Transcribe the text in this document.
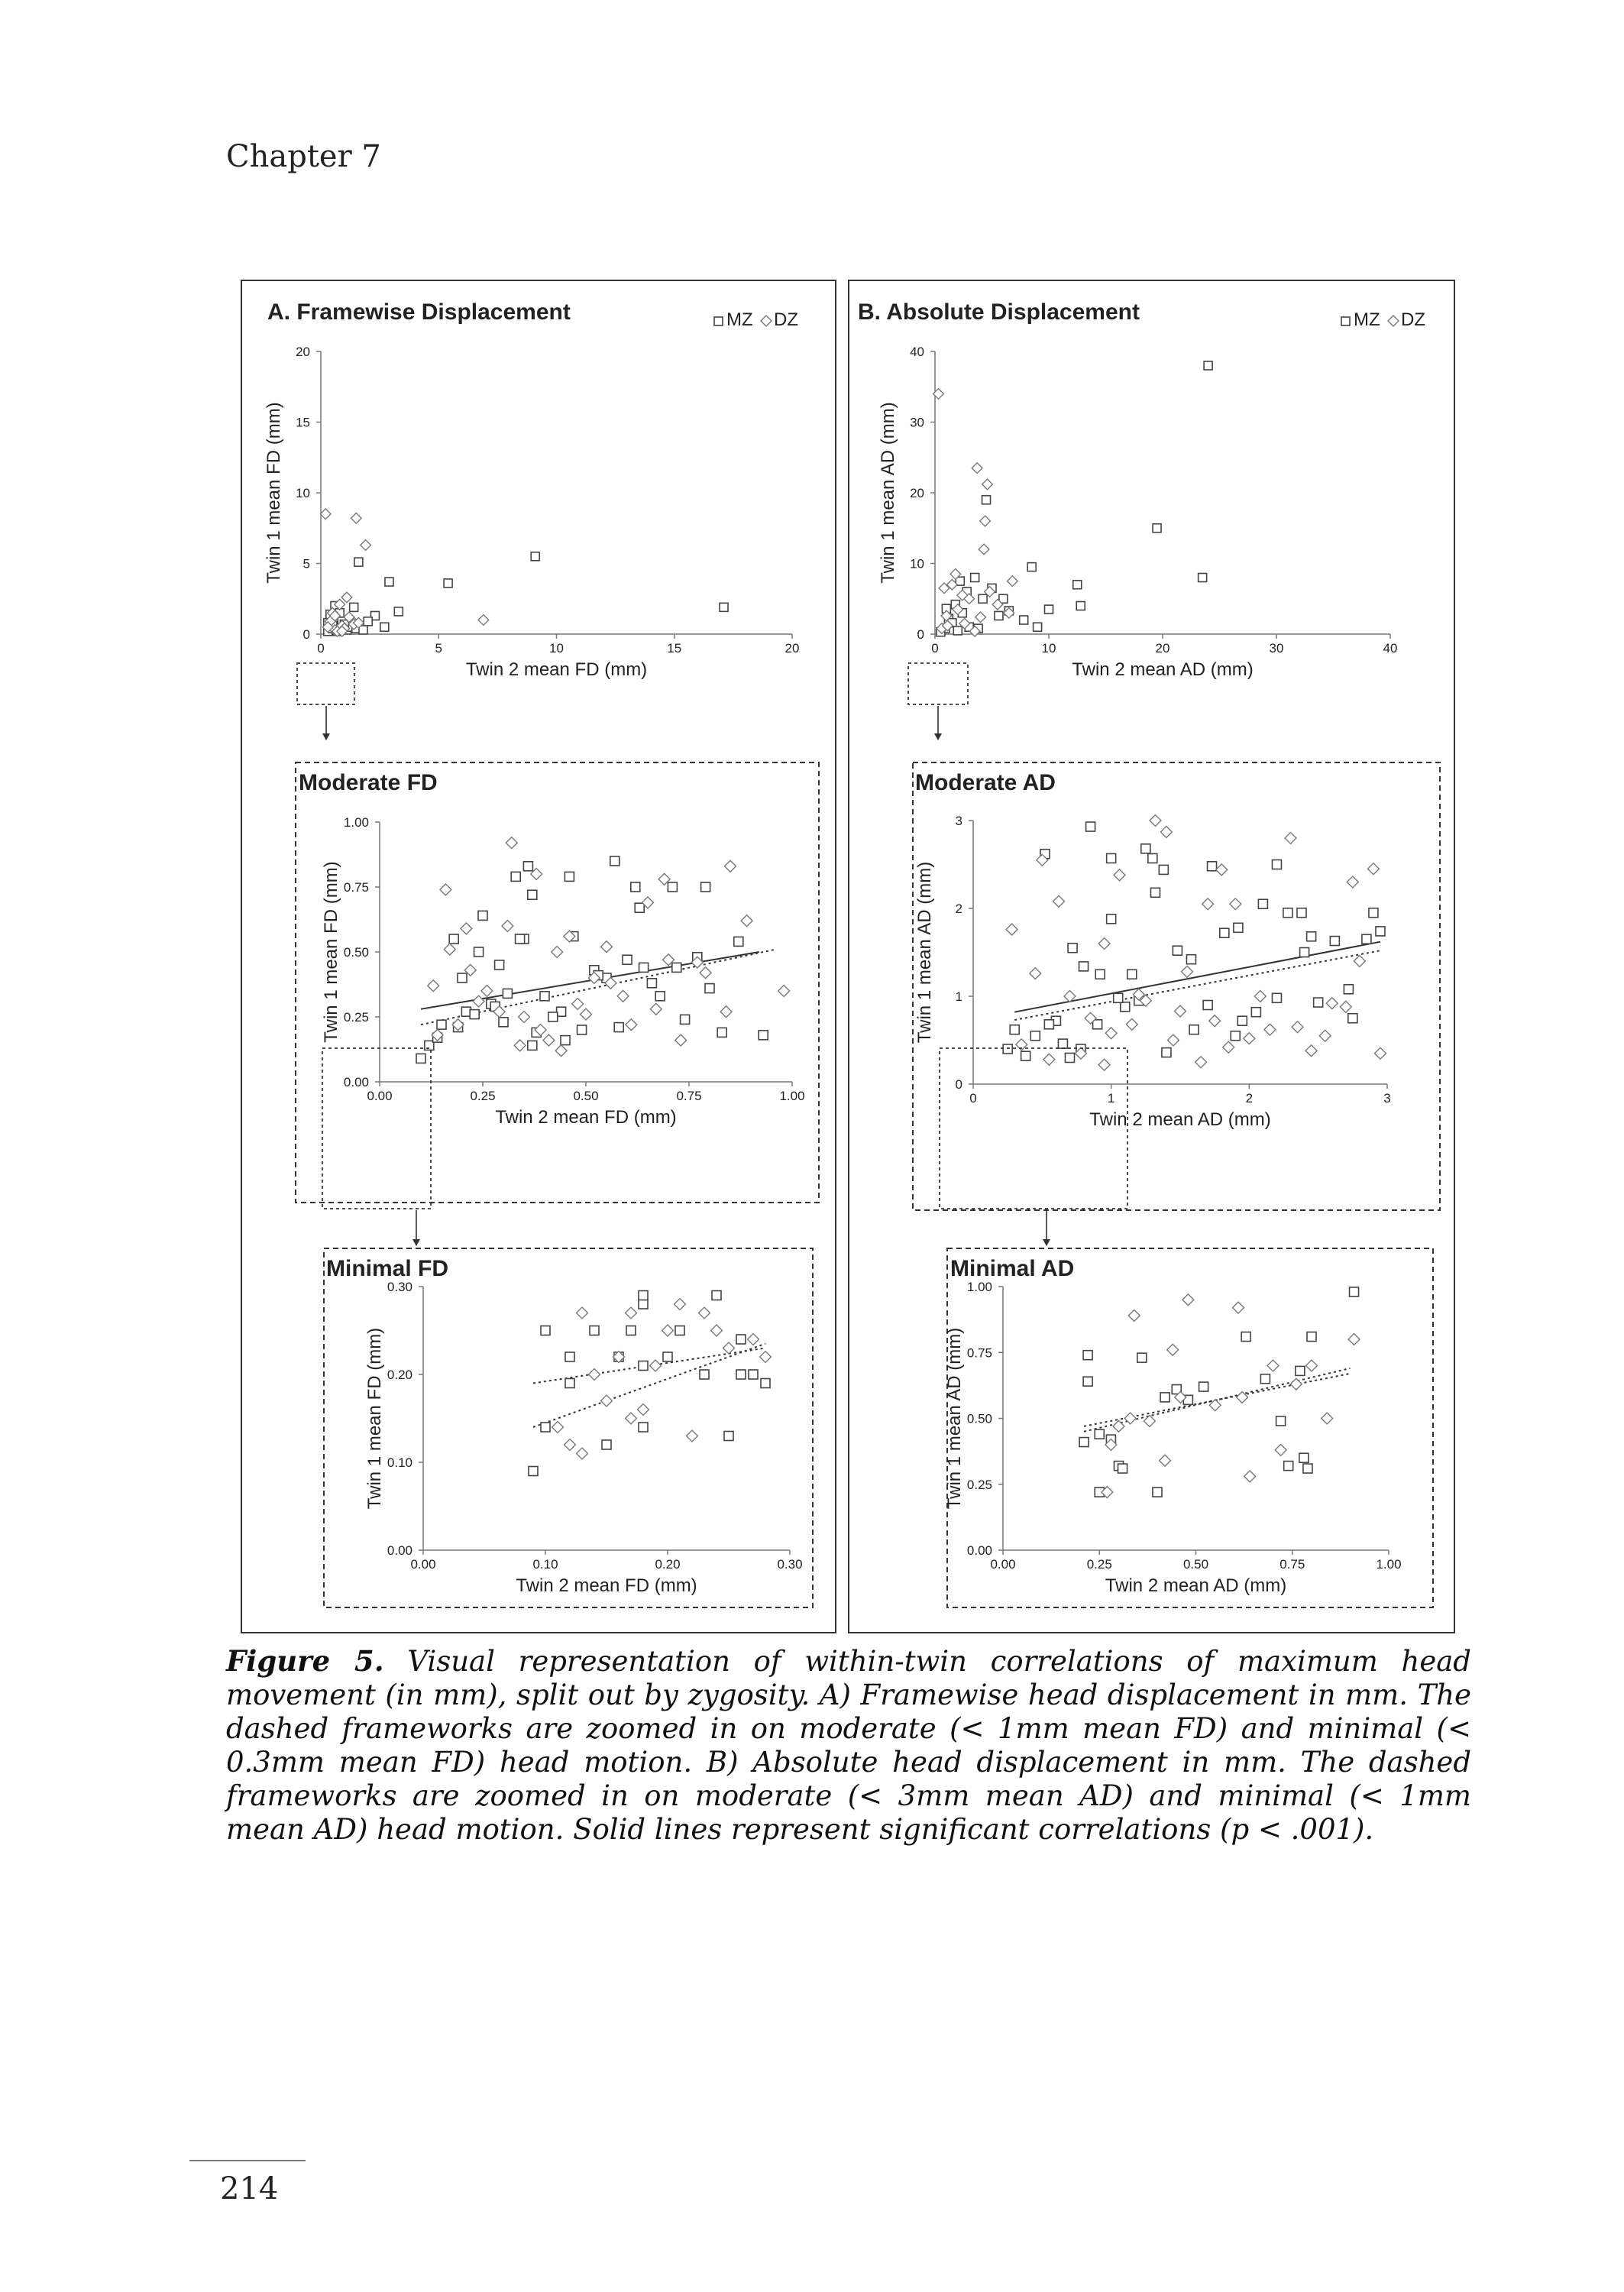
Chapter 7
A. Framewise Displacement
0	5	10	15	20
0
5
10
15
20
Twin 2 mean FD (mm)
Twin 1 mean FD (mm)
Moderate FD
0.00	0.25	0.50	0.75	1.00
0.00
0.25
0.50
0.75
1.00
Twin 2 mean FD (mm)
Twin 1 mean FD (mm)
Minimal FD
0.00	0.10	0.20	0.30
0.00
0.10
0.20
0.30
Twin 2 mean FD (mm)
Twin 1 mean FD (mm)
MZ DZ	B. Absolute Displacement
0	10	20	30	40
0
10
20
30
40
Twin 2 mean AD (mm)
Twin 1 mean AD (mm)
Moderate AD
0	1	2	3
0
1
2
3
Twin 2 mean AD (mm)
Twin 1 mean AD (mm)
Minimal AD
0.00	0.25	0.50	0.75	1.00
0.00
0.25
0.50
0.75
1.00
Twin 2 mean AD (mm)
Twin 1 mean AD (mm)
MZ DZ
Figure 5. Visual representation of within-twin correlations of maximum head movement (in mm), split out by zygosity. A) Framewise head displacement in mm. The dashed frameworks are zoomed in on moderate (< 1mm mean FD) and minimal (< 0.3mm mean FD) head motion. B) Absolute head displacement in mm. The dashed frameworks are zoomed in on moderate (< 3mm mean AD) and minimal (< 1mm mean AD) head motion. Solid lines represent significant correlations (p < .001).
214
